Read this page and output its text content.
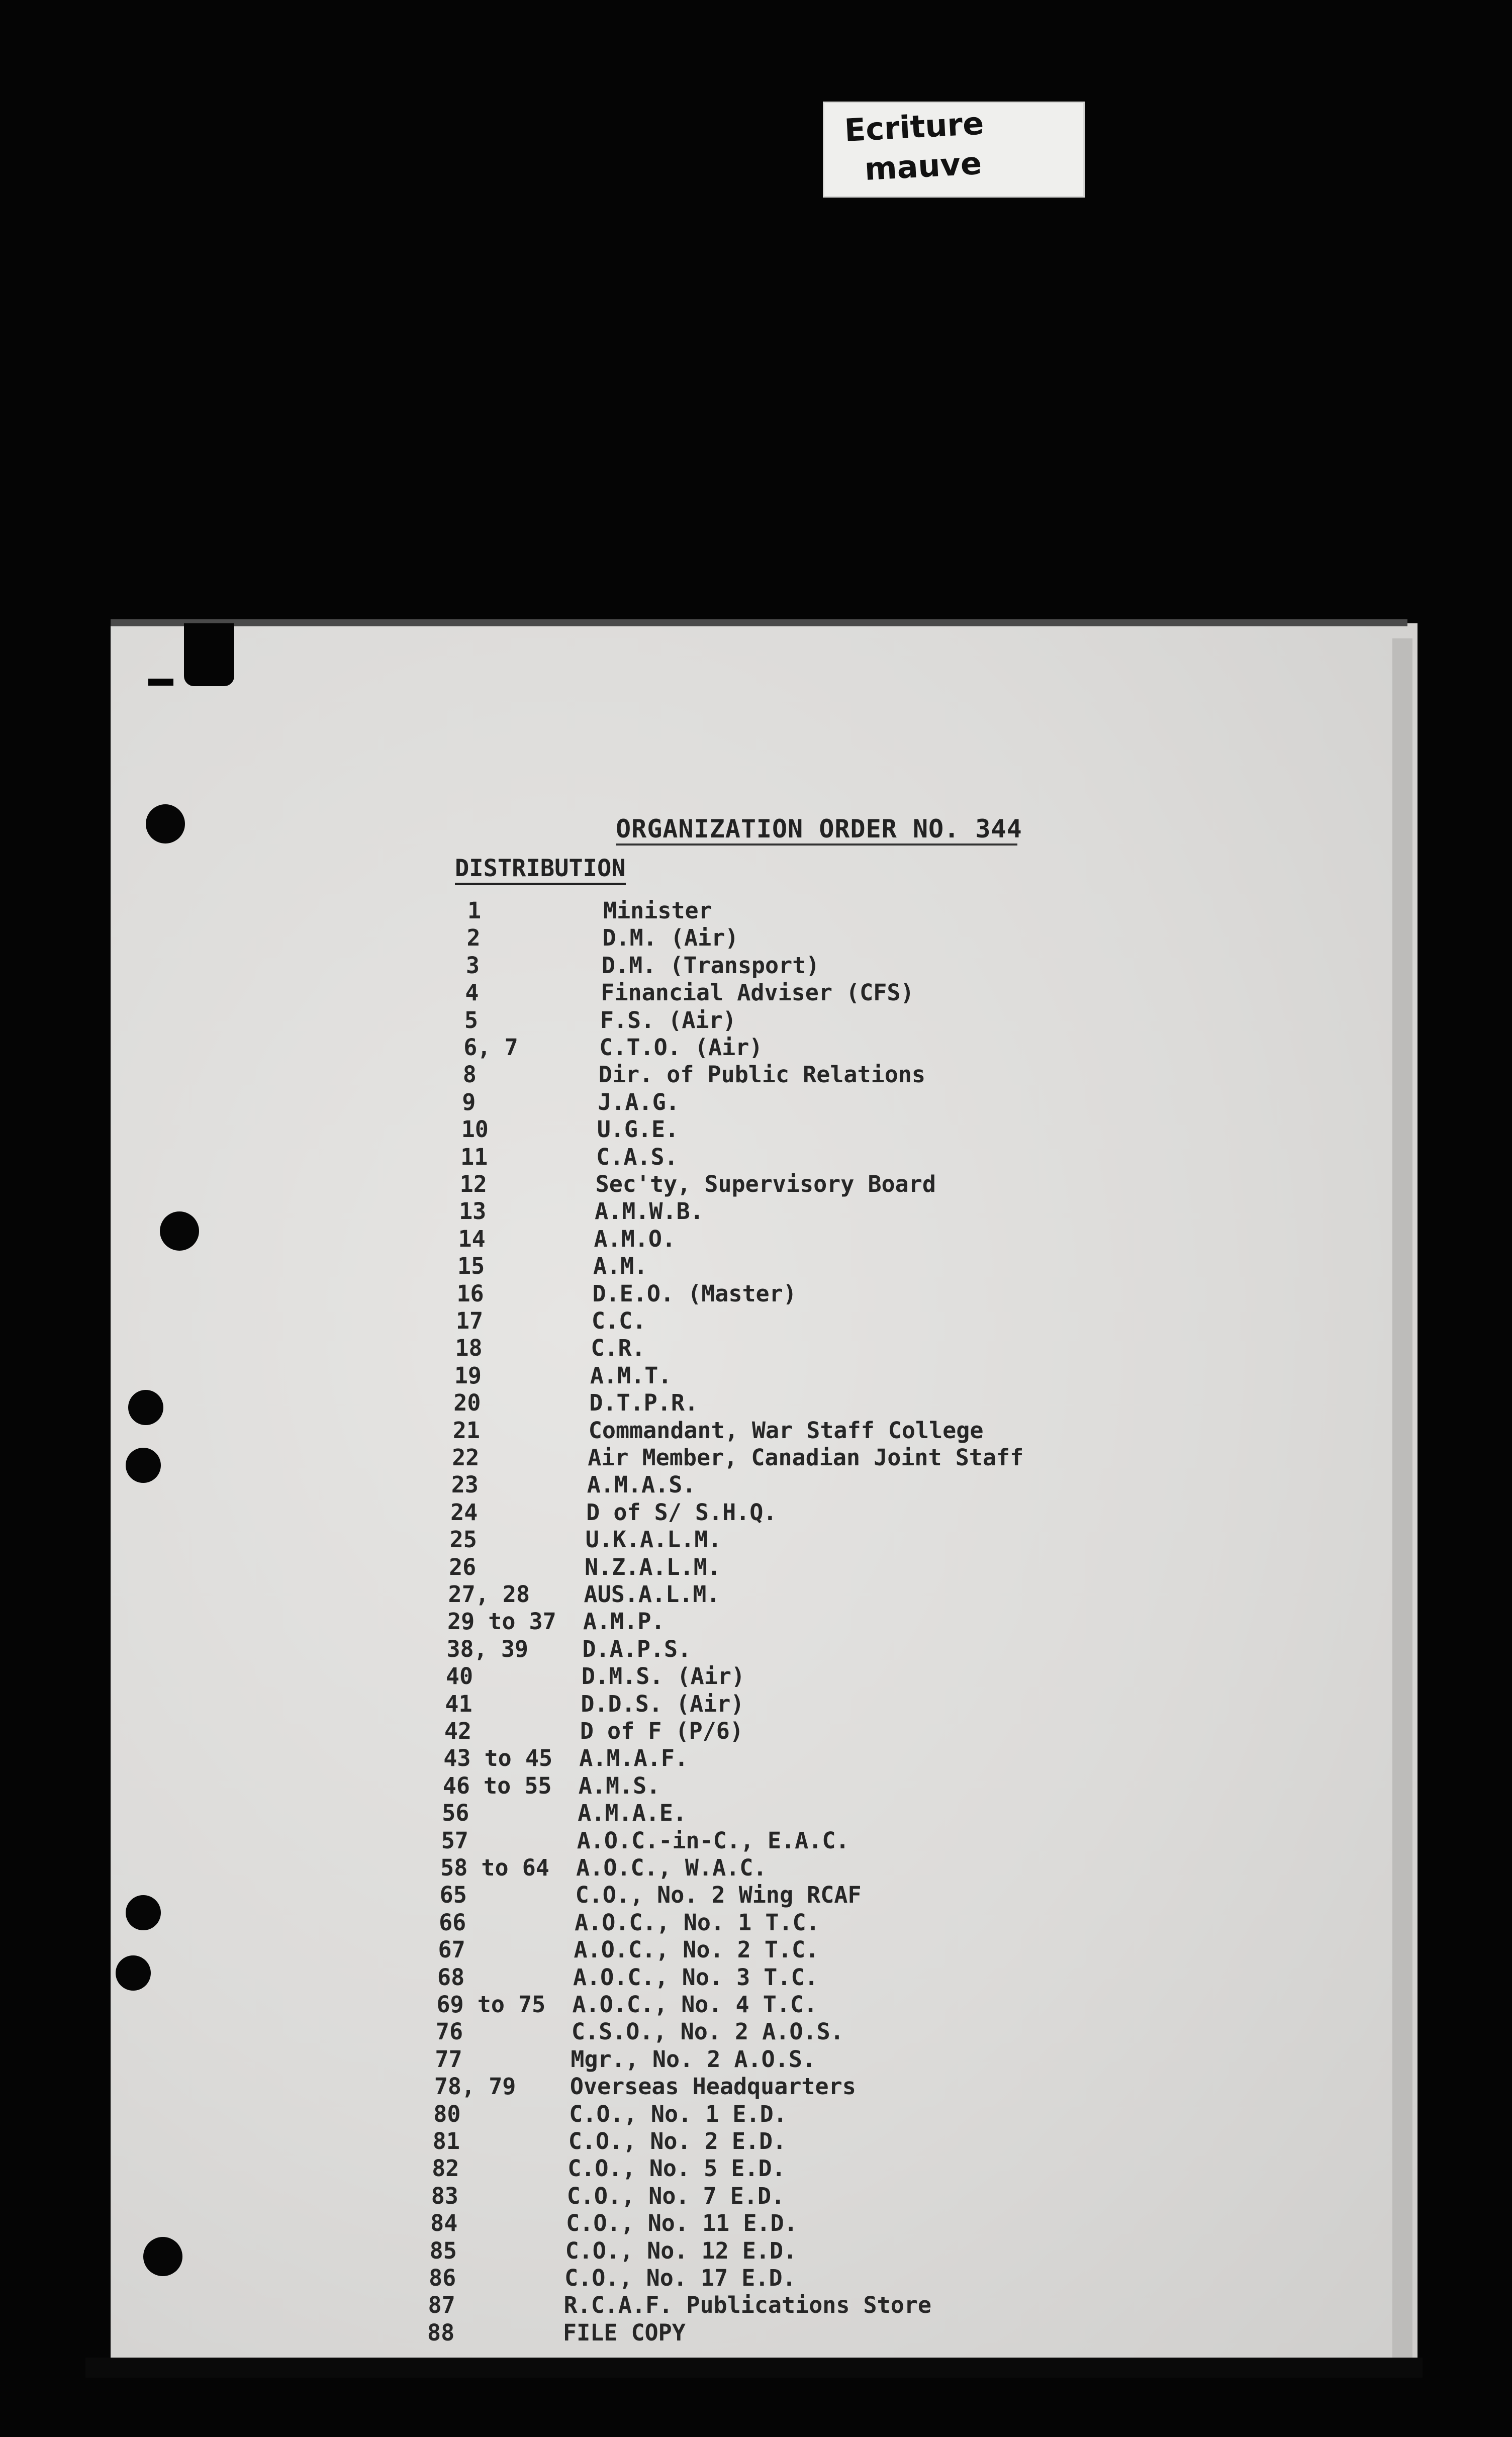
Ecriture
mauve
ORGANIZATION ORDER NO. 344
DISTRIBUTION
1	Minister
2	D.M. (Air)
3	D.M. (Transport)
4	Financial Adviser (CFS)
5	F.S. (Air)
6, 7	C.T.O. (Air)
8	Dir. of Public Relations
9	J.A.G.
10	U.G.E.
11	C.A.S.
12	Sec'ty, Supervisory Board
13	A.M.W.B.
14	A.M.O.
15	A.M.
16	D.E.O. (Master)
17	C.C.
18	C.R.
19	A.M.T.
20	D.T.P.R.
21	Commandant, War Staff College
22	Air Member, Canadian Joint Staff
23	A.M.A.S.
24	D of S/ S.H.Q.
25	U.K.A.L.M.
26	N.Z.A.L.M.
27, 28 AUS.A.L.M.
29 to 37 A.M.P.
38, 39 D.A.P.S.
40	D.M.S. (Air)
41	D.D.S. (Air)
42	D of F (P/6)
43 to 45 A.M.A.F.
46 to 55 A.M.S.
56	A.M.A.E.
57	A.O.C.-in-C., E.A.C.
58 to 64 A.O.C., W.A.C.
65	C.O., No. 2 Wing RCAF
66	A.O.C., No. 1 T.C.
67	A.O.C., No. 2 T.C.
68	A.O.C., No. 3 T.C.
69 to 75 A.O.C., No. 4 T.C.
76	C.S.O., No. 2 A.O.S.
77	Mgr., No. 2 A.O.S.
78, 79 Overseas Headquarters
80	C.O., No. 1 E.D.
81	C.O., No. 2 E.D.
82	C.O., No. 5 E.D.
83	C.O., No. 7 E.D.
84	C.O., No. 11 E.D.
85	C.O., No. 12 E.D.
86	C.O., No. 17 E.D.
87	R.C.A.F. Publications Store
88	FILE COPY
